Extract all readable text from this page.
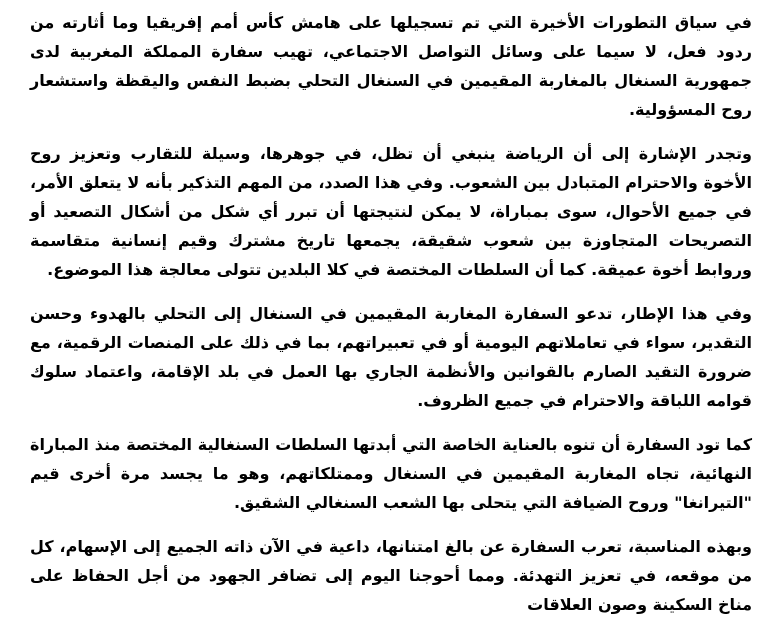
في سياق التطورات الأخيرة التي تم تسجيلها على هامش كأس أمم إفريقيا وما أثارته من ردود فعل، لا سيما على وسائل التواصل الاجتماعي، تهيب سفارة المملكة المغربية لدى جمهورية السنغال بالمغاربة المقيمين في السنغال التحلي بضبط النفس واليقظة واستشعار روح المسؤولية.

وتجدر الإشارة إلى أن الرياضة ينبغي أن تظل، في جوهرها، وسيلة للتقارب وتعزيز روح الأخوة والاحترام المتبادل بين الشعوب. وفي هذا الصدد، من المهم التذكير بأنه لا يتعلق الأمر، في جميع الأحوال، سوى بمباراة، لا يمكن لنتيجتها أن تبرر أي شكل من أشكال التصعيد أو التصريحات المتجاوزة بين شعوب شقيقة، يجمعها تاريخ مشترك وقيم إنسانية متقاسمة وروابط أخوة عميقة. كما أن السلطات المختصة في كلا البلدين تتولى معالجة هذا الموضوع.

وفي هذا الإطار، تدعو السفارة المغاربة المقيمين في السنغال إلى التحلي بالهدوء وحسن التقدير، سواء في تعاملاتهم اليومية أو في تعبيراتهم، بما في ذلك على المنصات الرقمية، مع ضرورة التقيد الصارم بالقوانين والأنظمة الجاري بها العمل في بلد الإقامة، واعتماد سلوك قوامه اللباقة والاحترام في جميع الظروف.

كما تود السفارة أن تنوه بالعناية الخاصة التي أبدتها السلطات السنغالية المختصة منذ المباراة النهائية، تجاه المغاربة المقيمين في السنغال وممتلكاتهم، وهو ما يجسد مرة أخرى قيم "التيرانغا" وروح الضيافة التي يتحلى بها الشعب السنغالي الشقيق.

وبهذه المناسبة، تعرب السفارة عن بالغ امتنانها، داعية في الآن ذاته الجميع إلى الإسهام، كل من موقعه، في تعزيز التهدئة. ومما أحوجنا اليوم إلى تضافر الجهود من أجل الحفاظ على مناخ السكينة وصون العلاقات
